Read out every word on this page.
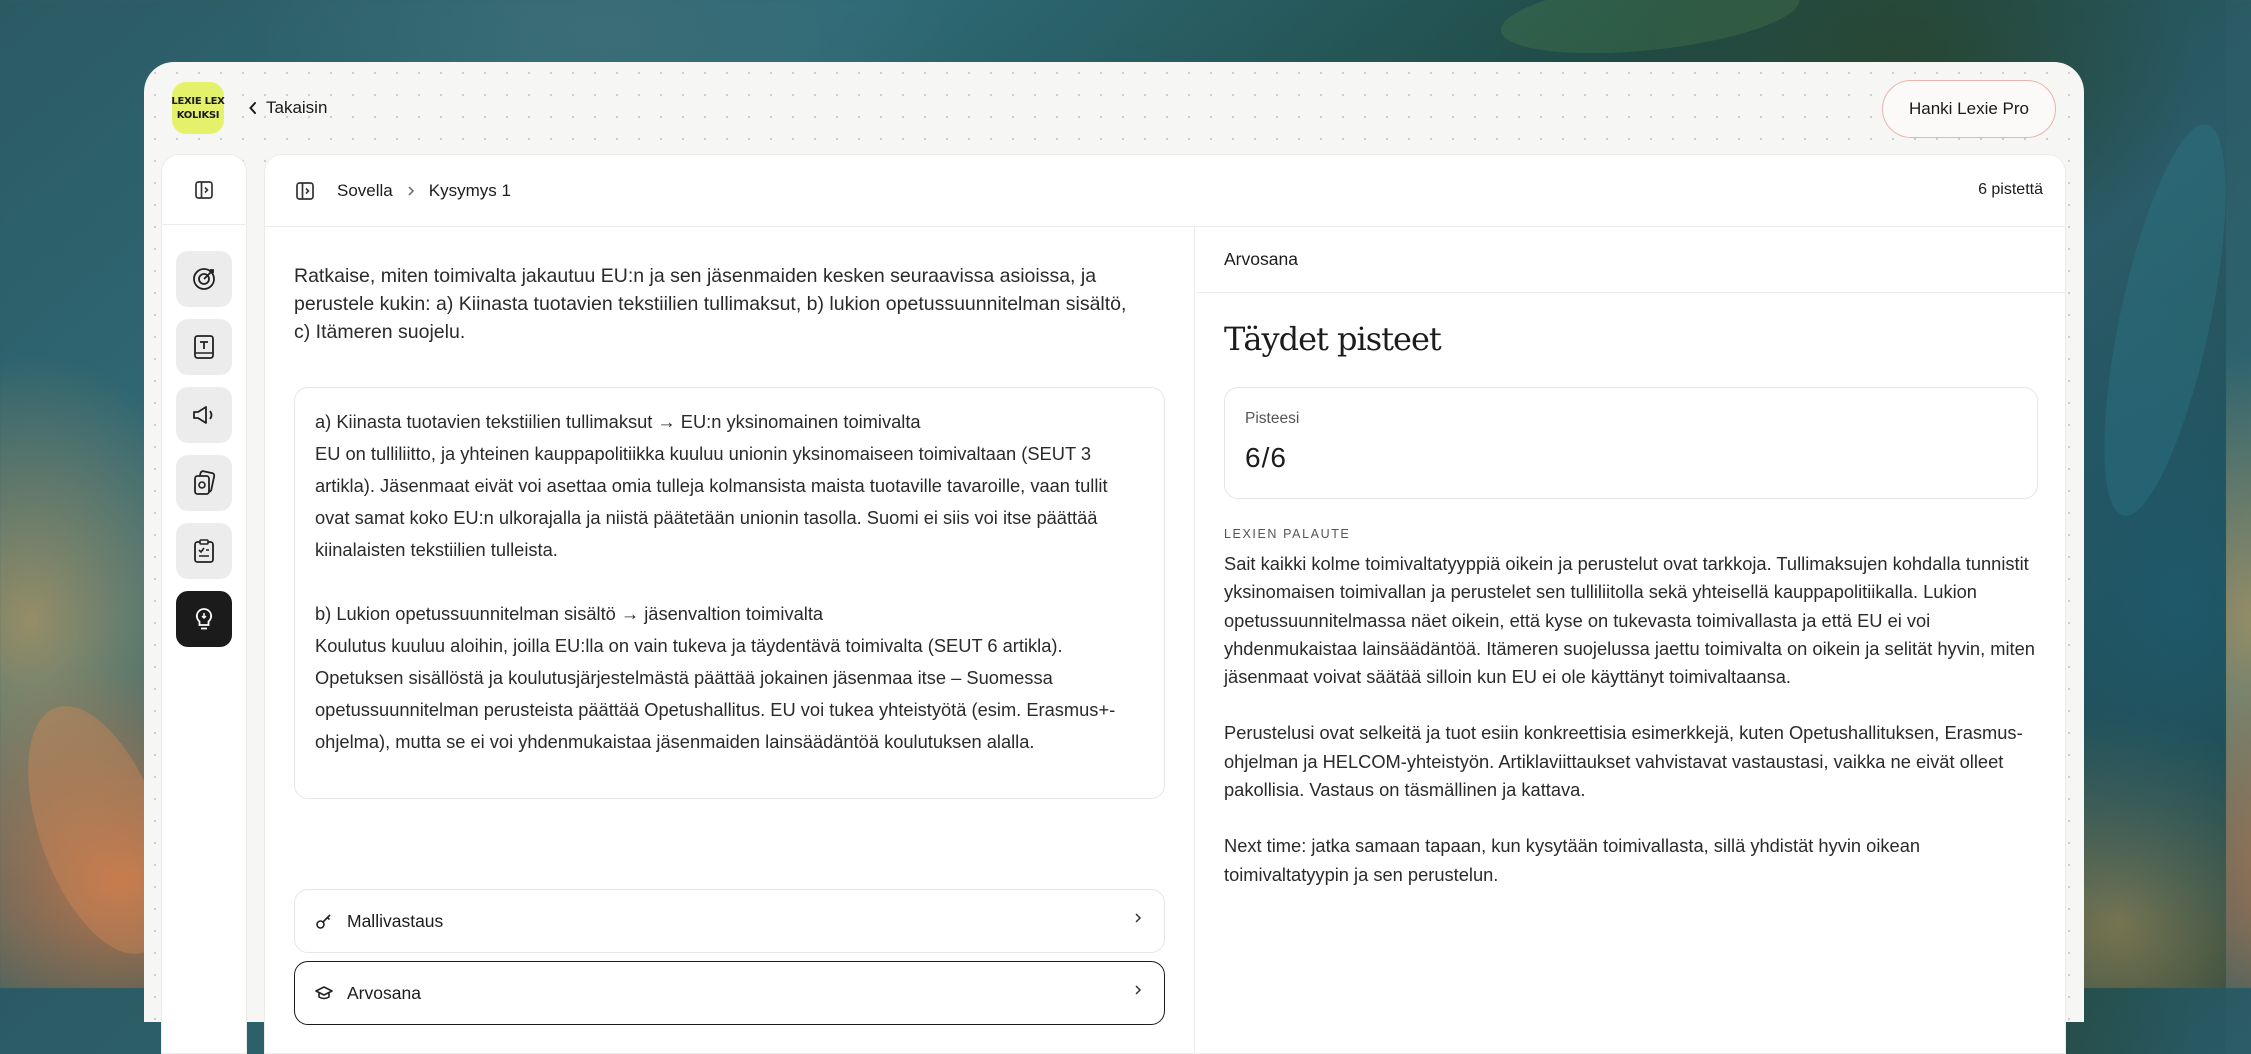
LEXIE LEX
KOLIKSI	Takaisin	Hanki Lexie Pro
Sovella Kysymys 1	6 pistettä
Ratkaise, miten toimivalta jakautuu EU:n ja sen jäsenmaiden kesken seuraavissa asioissa, ja perustele kukin: a) Kiinasta tuotavien tekstiilien tullimaksut, b) lukion opetussuunnitelman sisältö, c) Itämeren suojelu.
a) Kiinasta tuotavien tekstiilien tullimaksut → EU:n yksinomainen toimivalta
EU on tulliliitto, ja yhteinen kauppapolitiikka kuuluu unionin yksinomaiseen toimivaltaan (SEUT 3 artikla). Jäsenmaat eivät voi asettaa omia tulleja kolmansista maista tuotaville tavaroille, vaan tullit ovat samat koko EU:n ulkorajalla ja niistä päätetään unionin tasolla. Suomi ei siis voi itse päättää kiinalaisten tekstiilien tulleista.

b) Lukion opetussuunnitelman sisältö → jäsenvaltion toimivalta
Koulutus kuuluu aloihin, joilla EU:lla on vain tukeva ja täydentävä toimivalta (SEUT 6 artikla). Opetuksen sisällöstä ja koulutusjärjestelmästä päättää jokainen jäsenmaa itse – Suomessa opetussuunnitelman perusteista päättää Opetushallitus. EU voi tukea yhteistyötä (esim. Erasmus+-ohjelma), mutta se ei voi yhdenmukaistaa jäsenmaiden lainsäädäntöä koulutuksen alalla.
Mallivastaus
Arvosana
Arvosana
Täydet pisteet
Pisteesi
6/6
LEXIEN PALAUTE

Sait kaikki kolme toimivaltatyyppiä oikein ja perustelut ovat tarkkoja. Tullimaksujen kohdalla tunnistit yksinomaisen toimivallan ja perustelet sen tulliliitolla sekä yhteisellä kauppapolitiikalla. Lukion opetussuunnitelmassa näet oikein, että kyse on tukevasta toimivallasta ja että EU ei voi yhdenmukaistaa lainsäädäntöä. Itämeren suojelussa jaettu toimivalta on oikein ja selität hyvin, miten jäsenmaat voivat säätää silloin kun EU ei ole käyttänyt toimivaltaansa.

Perustelusi ovat selkeitä ja tuot esiin konkreettisia esimerkkejä, kuten Opetushallituksen, Erasmus-ohjelman ja HELCOM-yhteistyön. Artiklaviittaukset vahvistavat vastaustasi, vaikka ne eivät olleet pakollisia. Vastaus on täsmällinen ja kattava.

Next time: jatka samaan tapaan, kun kysytään toimivallasta, sillä yhdistät hyvin oikean toimivaltatyypin ja sen perustelun.
